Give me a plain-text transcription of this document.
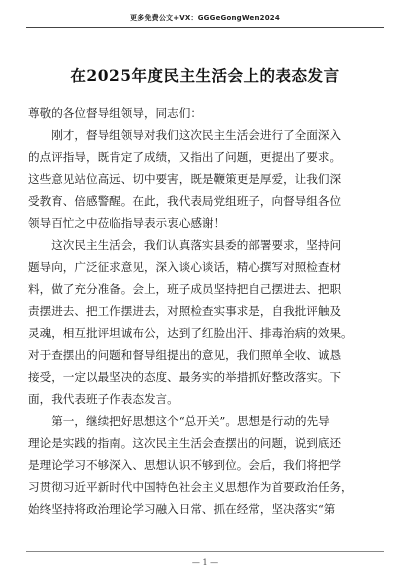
更多免费公文+VX：GGGeGongWen2024
在2025年度民主生活会上的表态发言
尊敬的各位督导组领导，同志们：
　　刚才，督导组领导对我们这次民主生活会进行了全面深入
的点评指导，既肯定了成绩，又指出了问题，更提出了要求。
这些意见站位高远、切中要害，既是鞭策更是厚爱，让我们深
受教育、倍感警醒。在此，我代表局党组班子，向督导组各位
领导百忙之中莅临指导表示衷心感谢！
　　这次民主生活会，我们认真落实县委的部署要求，坚持问
题导向，广泛征求意见，深入谈心谈话，精心撰写对照检查材
料，做了充分准备。会上，班子成员坚持把自己摆进去、把职
责摆进去、把工作摆进去，对照检查实事求是，自我批评触及
灵魂，相互批评坦诚布公，达到了红脸出汗、排毒治病的效果。
对于查摆出的问题和督导组提出的意见，我们照单全收、诚恳
接受，一定以最坚决的态度、最务实的举措抓好整改落实。下
面，我代表班子作表态发言。
　　第一，继续把好思想这个“总开关”。思想是行动的先导
理论是实践的指南。这次民主生活会查摆出的问题，说到底还
是理论学习不够深入、思想认识不够到位。会后，我们将把学
习贯彻习近平新时代中国特色社会主义思想作为首要政治任务，
始终坚持将政治理论学习融入日常、抓在经常，坚决落实“第
— 1 —
